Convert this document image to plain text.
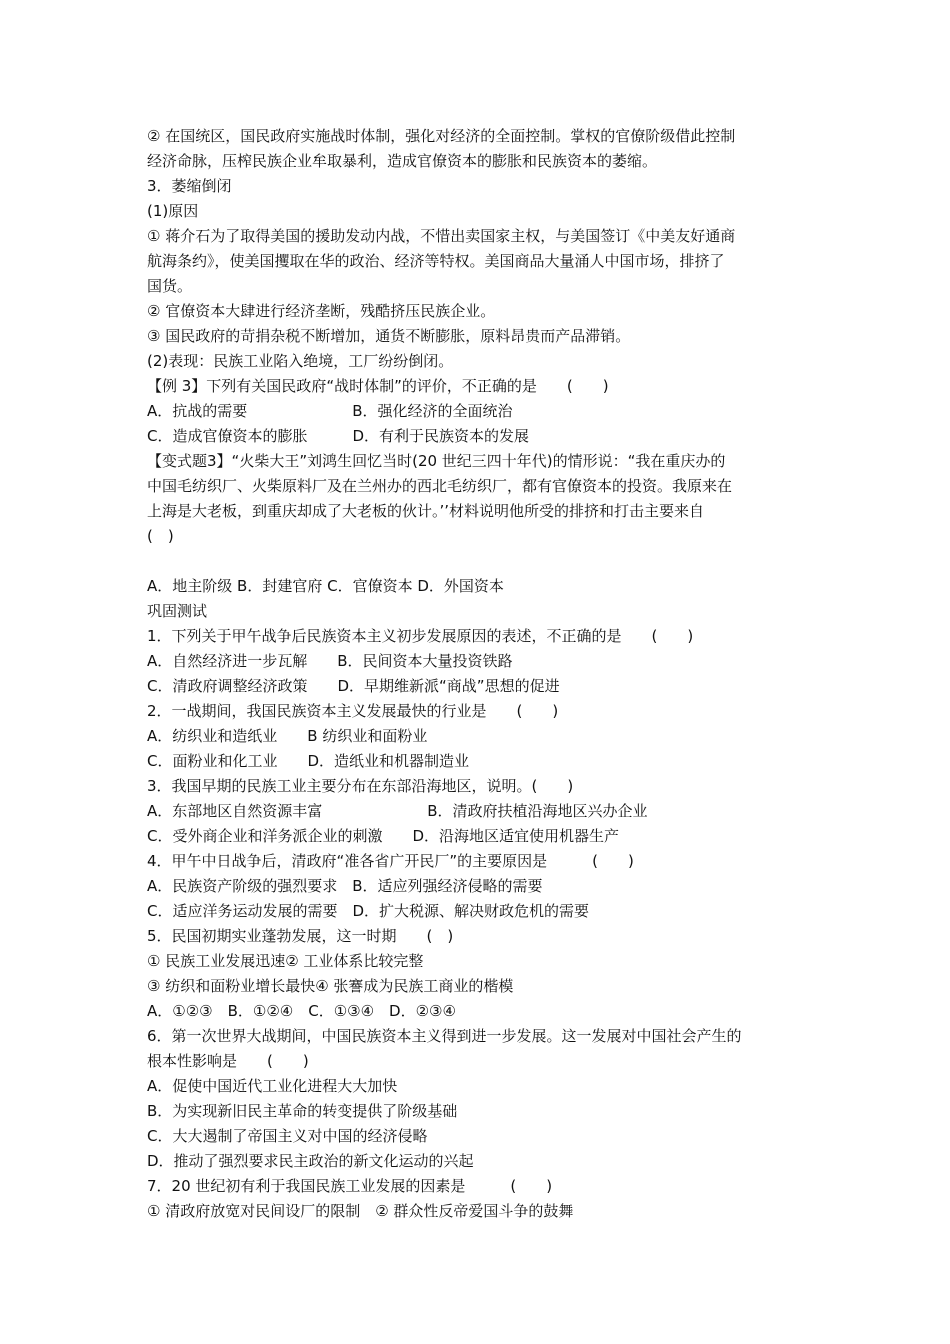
② 在国统区，国民政府实施战时体制，强化对经济的全面控制。掌权的官僚阶级借此控制
经济命脉，压榨民族企业牟取暴利，造成官僚资本的膨胀和民族资本的萎缩。
3．萎缩倒闭
(1)原因
① 蒋介石为了取得美国的援助发动内战，不惜出卖国家主权，与美国签订《中美友好通商
航海条约》，使美国攫取在华的政治、经济等特权。美国商品大量涌人中国市场，排挤了
国货。
② 官僚资本大肆进行经济垄断，残酷挤压民族企业。
③ 国民政府的苛捐杂税不断增加，通货不断膨胀，原料昂贵而产品滞销。
(2)表现：民族工业陷入绝境，工厂纷纷倒闭。
【例 3】下列有关国民政府“战时体制”的评价，不正确的是　　(　　)
A．抗战的需要　　　　　　　B．强化经济的全面统治
C．造成官僚资本的膨胀　　　D．有利于民族资本的发展
【变式题3】“火柴大王”刘鸿生回忆当时(20 世纪三四十年代)的情形说：“我在重庆办的
中国毛纺织厂、火柴原料厂及在兰州办的西北毛纺织厂，都有官僚资本的投资。我原来在
上海是大老板，到重庆却成了大老板的伙计。’’材料说明他所受的排挤和打击主要来自
(　)
A．地主阶级 B．封建官府 C．官僚资本 D．外国资本
巩固测试
1．下列关于甲午战争后民族资本主义初步发展原因的表述，不正确的是　　(　　)
A．自然经济进一步瓦解　　B．民间资本大量投资铁路
C．清政府调整经济政策　　D．早期维新派“商战”思想的促进
2．一战期间，我国民族资本主义发展最快的行业是　　(　　)
A．纺织业和造纸业　　B 纺织业和面粉业
C．面粉业和化工业　　D．造纸业和机器制造业
3．我国早期的民族工业主要分布在东部沿海地区，说明。(　　)
A．东部地区自然资源丰富　　　　　　　B．清政府扶植沿海地区兴办企业
C．受外商企业和洋务派企业的刺激　　D．沿海地区适宜使用机器生产
4．甲午中日战争后，清政府“准各省广开民厂”的主要原因是　　　(　　)
A．民族资产阶级的强烈要求　B．适应列强经济侵略的需要
C．适应洋务运动发展的需要　D．扩大税源、解决财政危机的需要
5．民国初期实业蓬勃发展，这一时期　　(　)
① 民族工业发展迅速② 工业体系比较完整
③ 纺织和面粉业增长最快④ 张謇成为民族工商业的楷模
A．①②③　B．①②④　C．①③④　D．②③④
6．第一次世界大战期间，中国民族资本主义得到进一步发展。这一发展对中国社会产生的
根本性影响是　　(　　)
A．促使中国近代工业化进程大大加快
B．为实现新旧民主革命的转变提供了阶级基础
C．大大遏制了帝国主义对中国的经济侵略
D．推动了强烈要求民主政治的新文化运动的兴起
7．20 世纪初有利于我国民族工业发展的因素是　　　(　　)
① 清政府放宽对民间设厂的限制　② 群众性反帝爱国斗争的鼓舞
